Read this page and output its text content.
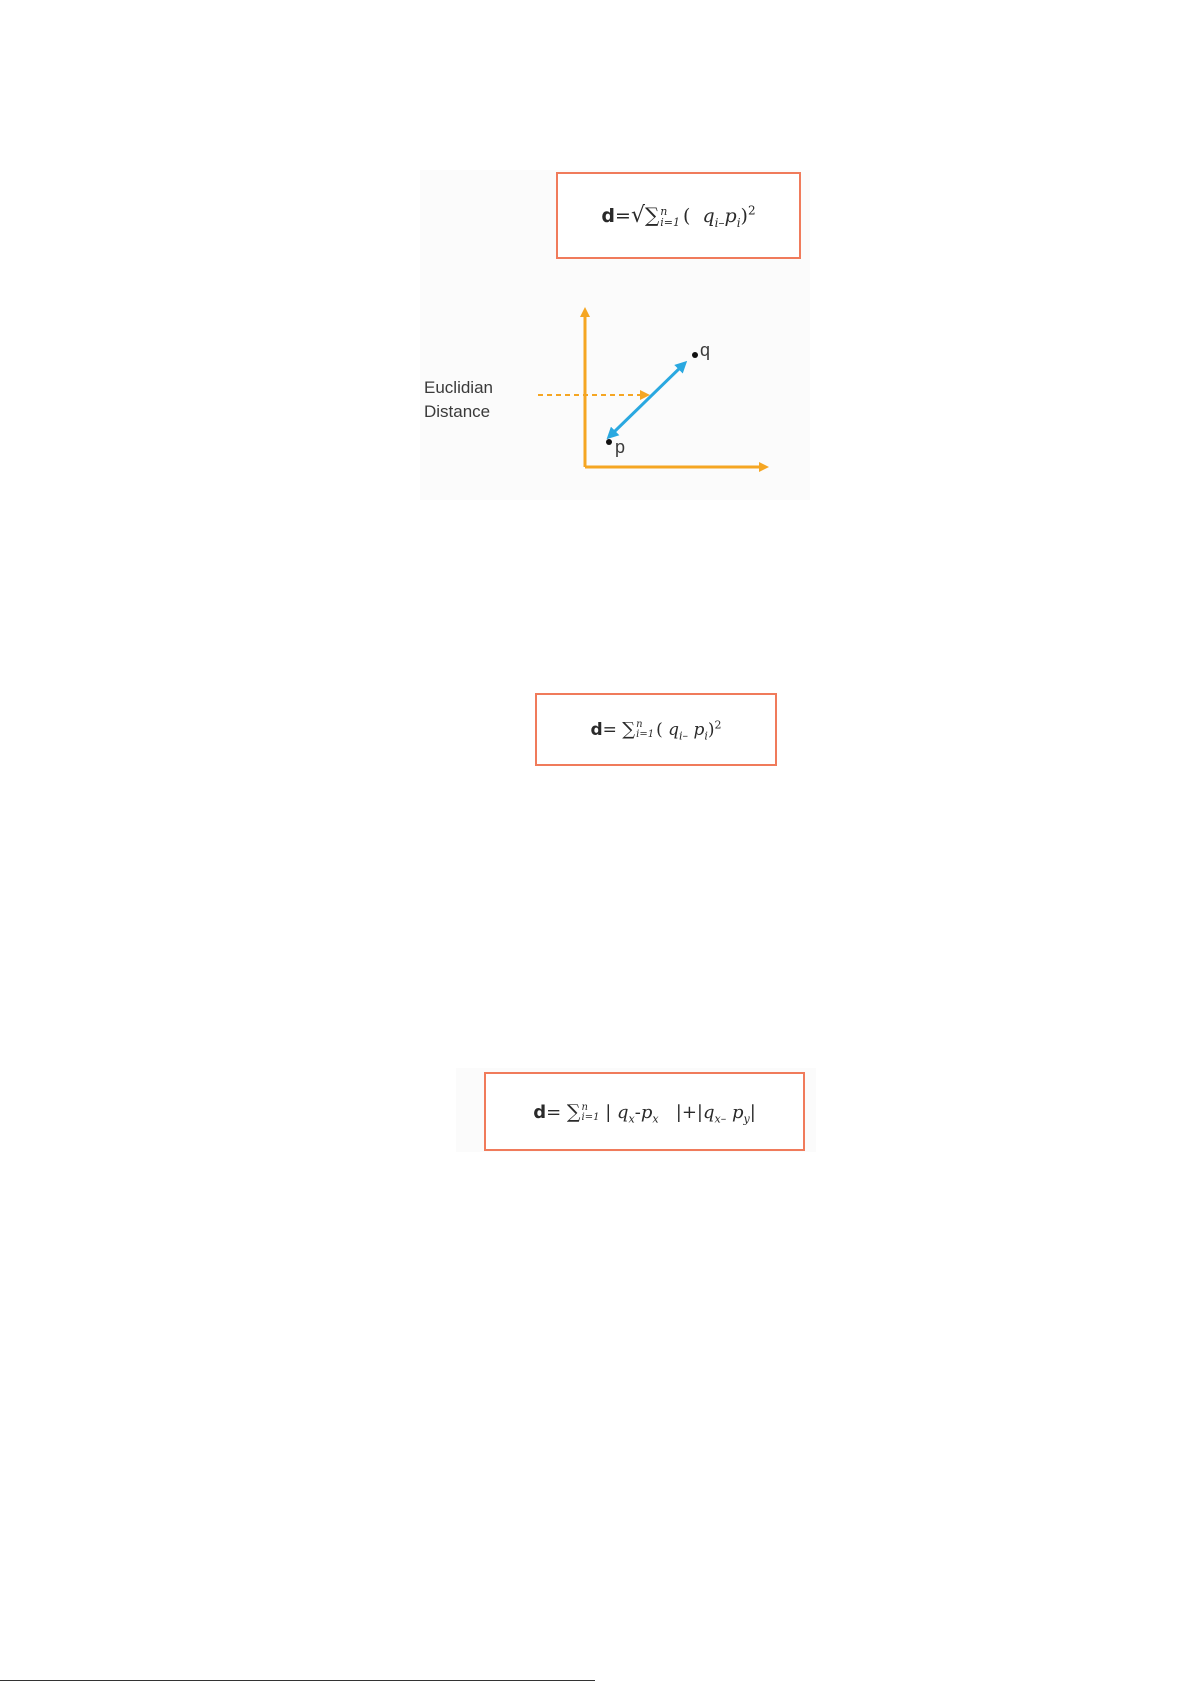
d=√∑ n
i=1 ( $q_{i-}p_i)^2$
Euclidian
Distance
q
p
d= ∑ n
i=1 ( $q_{i-}$ $p_i)^2$
d= ∑ n
i=1 | $q_x-p_x$ $|+|q_{x-}$ $p_y|$
